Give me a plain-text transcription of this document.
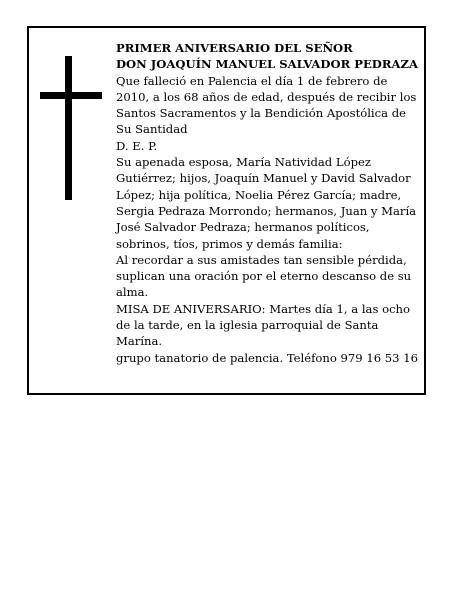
PRIMER ANIVERSARIO DEL SEÑOR

DON JOAQUÍN MANUEL SALVADOR PEDRAZA

Que falleció en Palencia el día 1 de febrero de 2010, a los 68 años de edad, después de recibir los Santos Sacramentos y la Bendición Apostólica de Su Santidad

D. E. P.

Su apenada esposa, María Natividad López Gutiérrez; hijos, Joaquín Manuel y David Salvador López; hija política, Noelia Pérez García; madre, Sergia Pedraza Morrondo; hermanos, Juan y María José Salvador Pedraza; hermanos políticos, sobrinos, tíos, primos y demás familia:

Al recordar a sus amistades tan sensible pérdida, suplican una oración por el eterno descanso de su alma.

MISA DE ANIVERSARIO: Martes día 1, a las ocho de la tarde, en la iglesia parroquial de Santa Marína.

grupo tanatorio de palencia. Teléfono 979 16 53 16
